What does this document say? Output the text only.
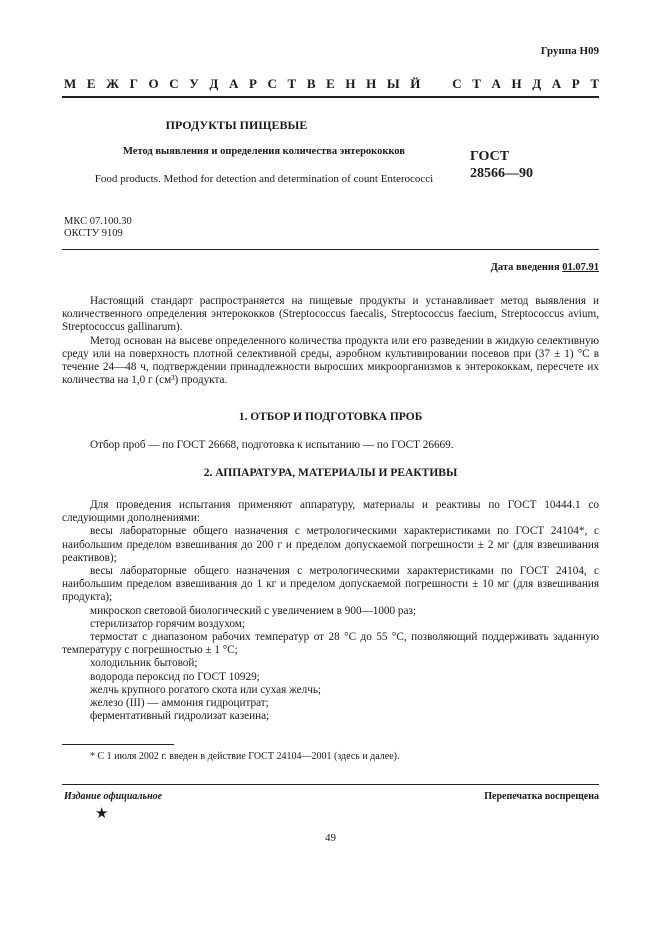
Группа Н09
М Е Ж Г О С У Д А Р С Т В Е Н Н Ы Й С Т А Н Д А Р Т
ПРОДУКТЫ ПИЩЕВЫЕ
Метод выявления и определения количества энтерококков
Food products. Method for detection and determination of count Enterococci
ГОСТ
28566—90
МКС 07.100.30
ОКСТУ 9109
Дата введения 01.07.91

Настоящий стандарт распространяется на пищевые продукты и устанавливает метод выявления и количественного определения энтерококков (Streptococcus faecalis, Streptococcus faecium, Streptococcus avium, Streptococcus gallinarum).

Метод основан на высеве определенного количества продукта или его разведении в жидкую селективную среду или на поверхность плотной селективной среды, аэробном культивировании посевов при (37 ± 1) °С в течение 24—48 ч, подтверждении принадлежности выросших микроорганизмов к энтерококкам, пересчете их количества на 1,0 г (см³) продукта.

1. ОТБОР И ПОДГОТОВКА ПРОБ

Отбор проб — по ГОСТ 26668, подготовка к испытанию — по ГОСТ 26669.

2. АППАРАТУРА, МАТЕРИАЛЫ И РЕАКТИВЫ

Для проведения испытания применяют аппаратуру, материалы и реактивы по ГОСТ 10444.1 со следующими дополнениями:

весы лабораторные общего назначения с метрологическими характеристиками по ГОСТ 24104*, с наибольшим пределом взвешивания до 200 г и пределом допускаемой погрешности ± 2 мг (для взвешивания реактивов);

весы лабораторные общего назначения с метрологическими характеристиками по ГОСТ 24104, с наибольшим пределом взвешивания до 1 кг и пределом допускаемой погрешности ± 10 мг (для взвешивания продукта);

микроскоп световой биологический с увеличением в 900—1000 раз;

стерилизатор горячим воздухом;

термостат с диапазоном рабочих температур от 28 °С до 55 °С, позволяющий поддерживать заданную температуру с погрешностью ± 1 °С;

холодильник бытовой;

водорода пероксид по ГОСТ 10929;

желчь крупного рогатого скота или сухая желчь;

железо (III) — аммония гидроцитрат;

ферментативный гидролизат казеина;

* С 1 июля 2002 г. введен в действие ГОСТ 24104—2001 (здесь и далее).
Издание официальное	Перепечатка воспрещена
★
49
